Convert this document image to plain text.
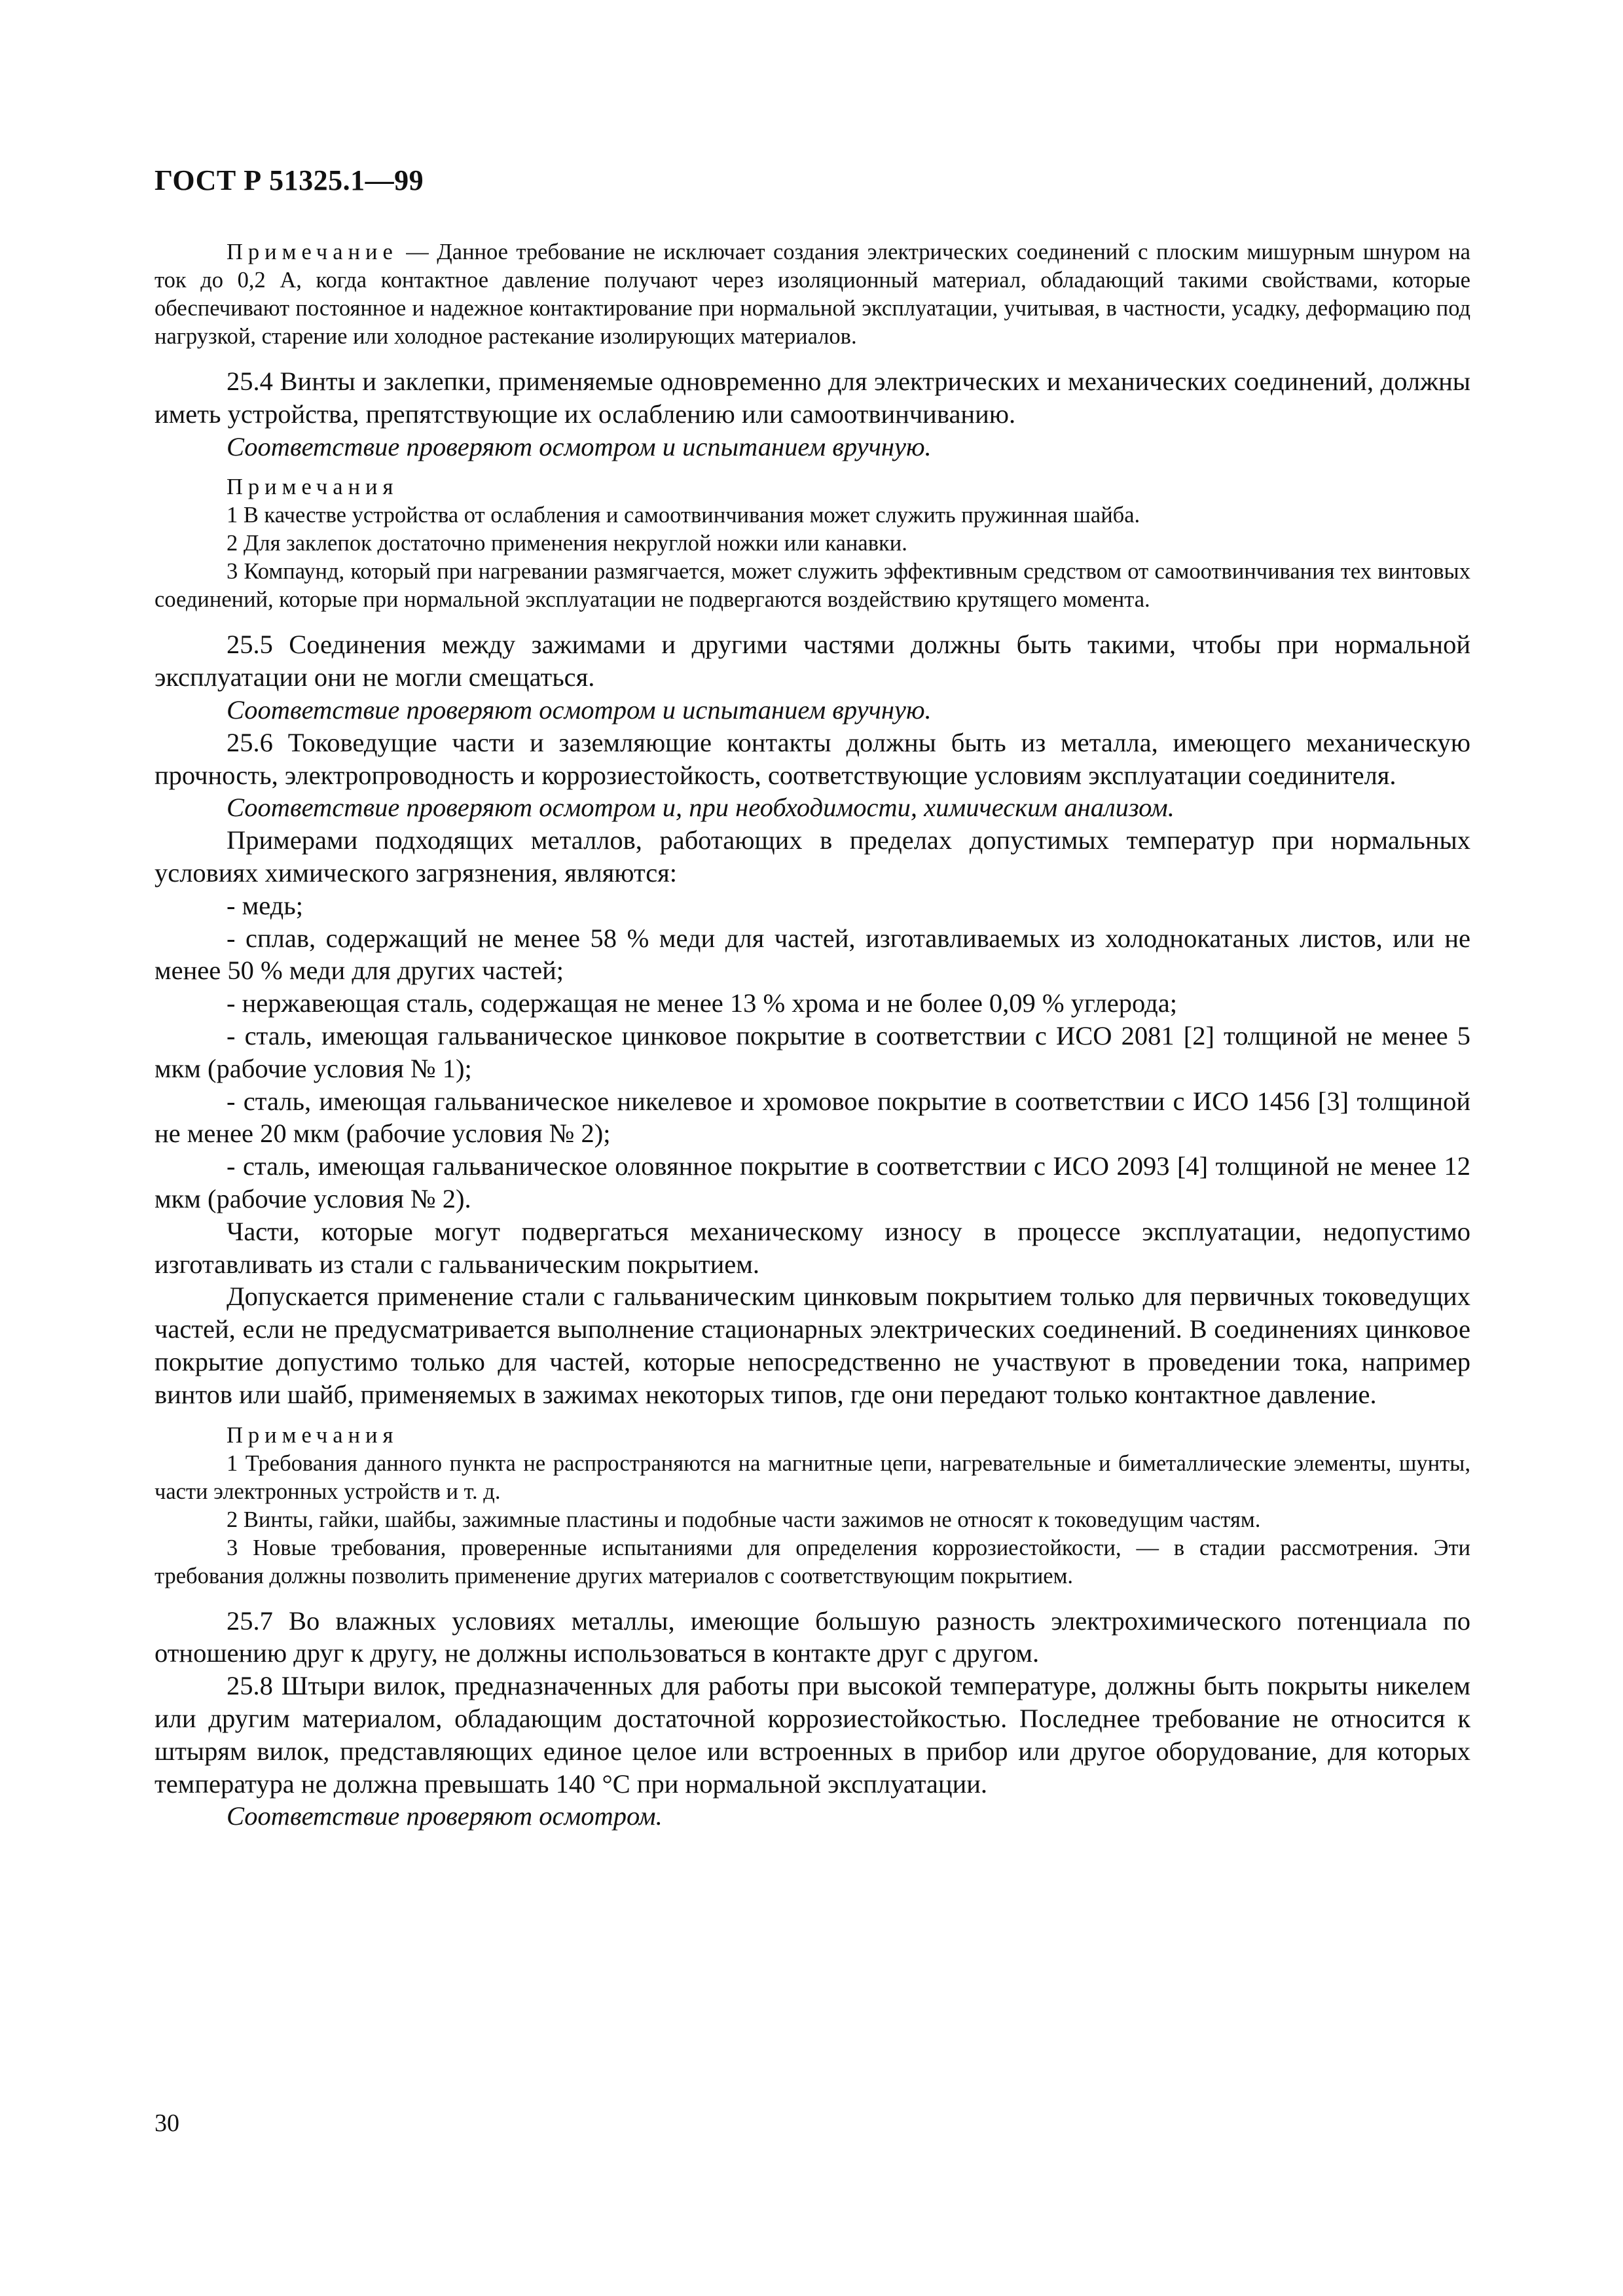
ГОСТ Р 51325.1—99

Примечание — Данное требование не исключает создания электрических соединений с плоским мишурным шнуром на ток до 0,2 А, когда контактное давление получают через изоляционный материал, обладающий такими свойствами, которые обеспечивают постоянное и надежное контактирование при нормальной эксплуатации, учитывая, в частности, усадку, деформацию под нагрузкой, старение или холодное растекание изолирующих материалов.

25.4 Винты и заклепки, применяемые одновременно для электрических и механических соединений, должны иметь устройства, препятствующие их ослаблению или самоотвинчиванию.

Соответствие проверяют осмотром и испытанием вручную.

Примечания

1 В качестве устройства от ослабления и самоотвинчивания может служить пружинная шайба.

2 Для заклепок достаточно применения некруглой ножки или канавки.

3 Компаунд, который при нагревании размягчается, может служить эффективным средством от самоотвинчивания тех винтовых соединений, которые при нормальной эксплуатации не подвергаются воздействию крутящего момента.

25.5 Соединения между зажимами и другими частями должны быть такими, чтобы при нормальной эксплуатации они не могли смещаться.

Соответствие проверяют осмотром и испытанием вручную.

25.6 Токоведущие части и заземляющие контакты должны быть из металла, имеющего механическую прочность, электропроводность и коррозиестойкость, соответствующие условиям эксплуатации соединителя.

Соответствие проверяют осмотром и, при необходимости, химическим анализом.

Примерами подходящих металлов, работающих в пределах допустимых температур при нормальных условиях химического загрязнения, являются:

- медь;

- сплав, содержащий не менее 58 % меди для частей, изготавливаемых из холоднокатаных листов, или не менее 50 % меди для других частей;

- нержавеющая сталь, содержащая не менее 13 % хрома и не более 0,09 % углерода;

- сталь, имеющая гальваническое цинковое покрытие в соответствии с ИСО 2081 [2] толщиной не менее 5 мкм (рабочие условия № 1);

- сталь, имеющая гальваническое никелевое и хромовое покрытие в соответствии с ИСО 1456 [3] толщиной не менее 20 мкм (рабочие условия № 2);

- сталь, имеющая гальваническое оловянное покрытие в соответствии с ИСО 2093 [4] толщиной не менее 12 мкм (рабочие условия № 2).

Части, которые могут подвергаться механическому износу в процессе эксплуатации, недопустимо изготавливать из стали с гальваническим покрытием.

Допускается применение стали с гальваническим цинковым покрытием только для первичных токоведущих частей, если не предусматривается выполнение стационарных электрических соединений. В соединениях цинковое покрытие допустимо только для частей, которые непосредственно не участвуют в проведении тока, например винтов или шайб, применяемых в зажимах некоторых типов, где они передают только контактное давление.

Примечания

1 Требования данного пункта не распространяются на магнитные цепи, нагревательные и биметаллические элементы, шунты, части электронных устройств и т. д.

2 Винты, гайки, шайбы, зажимные пластины и подобные части зажимов не относят к токоведущим частям.

3 Новые требования, проверенные испытаниями для определения коррозиестойкости, — в стадии рассмотрения. Эти требования должны позволить применение других материалов с соответствующим покрытием.

25.7 Во влажных условиях металлы, имеющие большую разность электрохимического потенциала по отношению друг к другу, не должны использоваться в контакте друг с другом.

25.8 Штыри вилок, предназначенных для работы при высокой температуре, должны быть покрыты никелем или другим материалом, обладающим достаточной коррозиестойкостью. Последнее требование не относится к штырям вилок, представляющих единое целое или встроенных в прибор или другое оборудование, для которых температура не должна превышать 140 °С при нормальной эксплуатации.

Соответствие проверяют осмотром.

30
